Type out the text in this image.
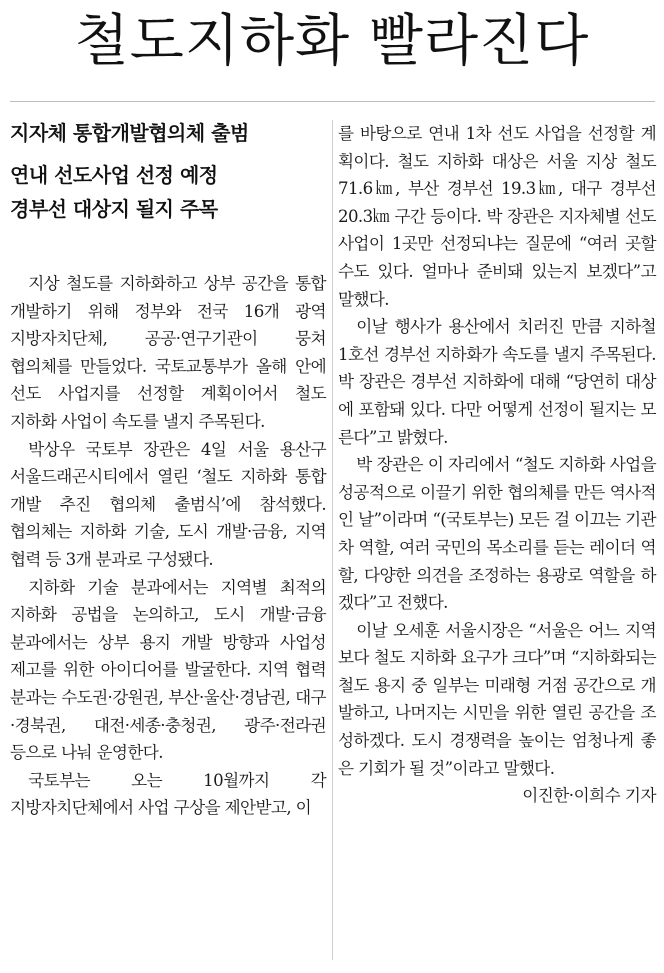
철도지하화 빨라진다

지자체 통합개발협의체 출범

연내 선도사업 선정 예정

경부선 대상지 될지 주목

지상 철도를 지하화하고 상부 공간을 통합 개발하기 위해 정부와 전국 16개 광역 지방자치단체, 공공·연구기관이 뭉쳐 협의체를 만들었다. 국토교통부가 올해 안에 선도 사업지를 선정할 계획이어서 철도 지하화 사업이 속도를 낼지 주목된다.

박상우 국토부 장관은 4일 서울 용산구 서울드래곤시티에서 열린 ‘철도 지하화 통합 개발 추진 협의체 출범식’에 참석했다. 협의체는 지하화 기술, 도시 개발·금융, 지역 협력 등 3개 분과로 구성됐다.

지하화 기술 분과에서는 지역별 최적의 지하화 공법을 논의하고, 도시 개발·금융 분과에서는 상부 용지 개발 방향과 사업성 제고를 위한 아이디어를 발굴한다. 지역 협력 분과는 수도권·강원권, 부산·울산·경남권, 대구·경북권, 대전·세종·충청권, 광주·전라권 등으로 나눠 운영한다.

국토부는 오는 10월까지 각 지방자치단체에서 사업 구상을 제안받고, 이

를 바탕으로 연내 1차 선도 사업을 선정할 계획이다. 철도 지하화 대상은 서울 지상 철도 71.6㎞, 부산 경부선 19.3㎞, 대구 경부선 20.3㎞ 구간 등이다. 박 장관은 지자체별 선도 사업이 1곳만 선정되냐는 질문에 “여러 곳할 수도 있다. 얼마나 준비돼 있는지 보겠다”고 말했다.

이날 행사가 용산에서 치러진 만큼 지하철 1호선 경부선 지하화가 속도를 낼지 주목된다. 박 장관은 경부선 지하화에 대해 “당연히 대상에 포함돼 있다. 다만 어떻게 선정이 될지는 모른다”고 밝혔다.

박 장관은 이 자리에서 “철도 지하화 사업을 성공적으로 이끌기 위한 협의체를 만든 역사적인 날”이라며 “(국토부는) 모든 걸 이끄는 기관차 역할, 여러 국민의 목소리를 듣는 레이더 역할, 다양한 의견을 조정하는 용광로 역할을 하겠다”고 전했다.

이날 오세훈 서울시장은 “서울은 어느 지역보다 철도 지하화 요구가 크다”며 “지하화되는 철도 용지 중 일부는 미래형 거점 공간으로 개발하고, 나머지는 시민을 위한 열린 공간을 조성하겠다. 도시 경쟁력을 높이는 엄청나게 좋은 기회가 될 것”이라고 말했다.
이진한·이희수 기자
